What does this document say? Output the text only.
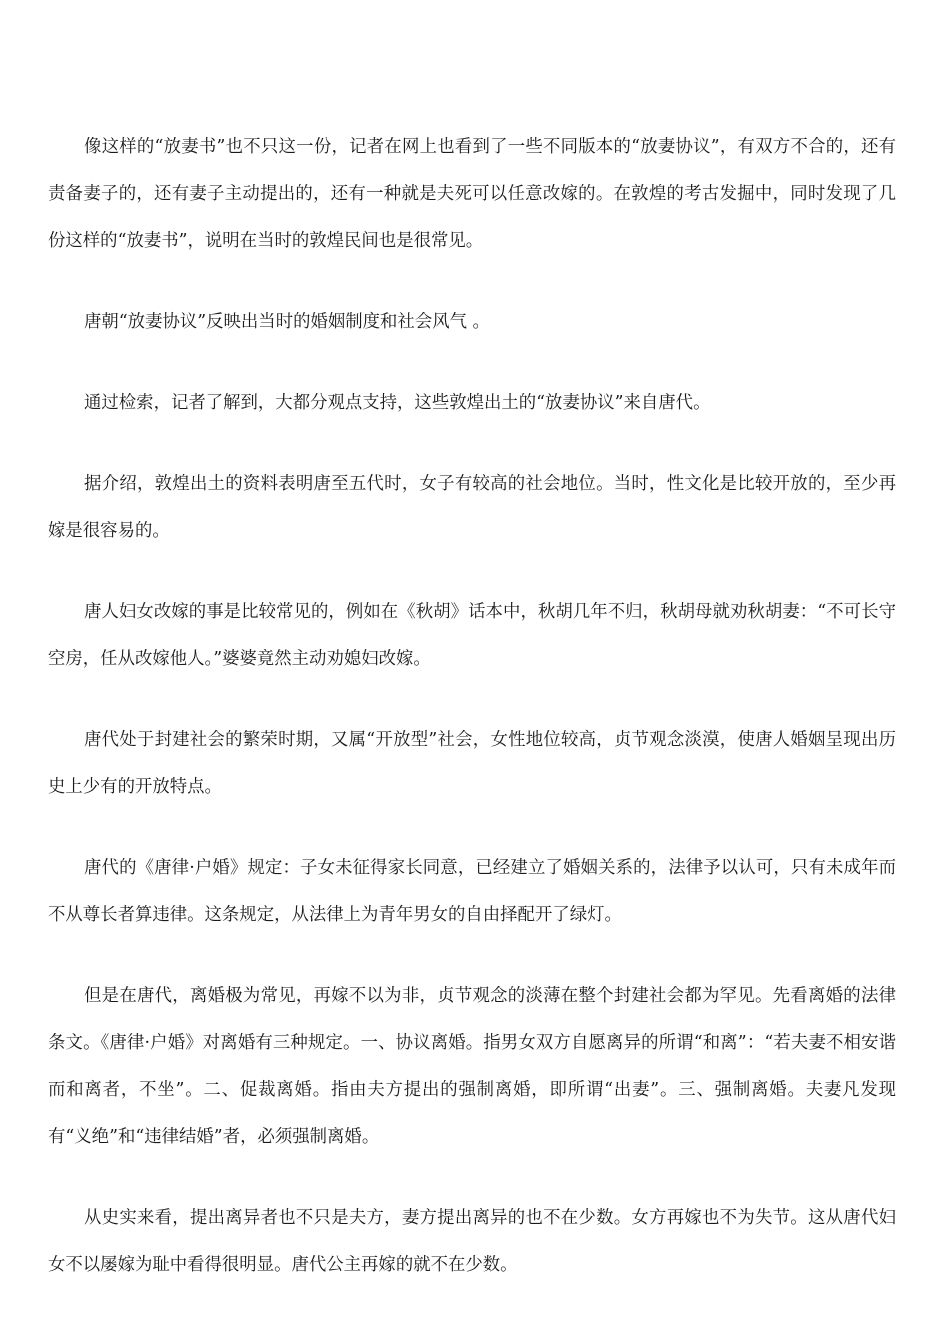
像这样的“放妻书”也不只这一份，记者在网上也看到了一些不同版本的“放妻协议”，有双方不合的，还有责备妻子的，还有妻子主动提出的，还有一种就是夫死可以任意改嫁的。在敦煌的考古发掘中，同时发现了几份这样的“放妻书”，说明在当时的敦煌民间也是很常见。

唐朝“放妻协议”反映出当时的婚姻制度和社会风气 。

通过检索，记者了解到，大都分观点支持，这些敦煌出土的“放妻协议”来自唐代。

据介绍，敦煌出土的资料表明唐至五代时，女子有较高的社会地位。当时，性文化是比较开放的，至少再嫁是很容易的。

唐人妇女改嫁的事是比较常见的，例如在《秋胡》话本中，秋胡几年不归，秋胡母就劝秋胡妻：“不可长守空房，任从改嫁他人。”婆婆竟然主动劝媳妇改嫁。

唐代处于封建社会的繁荣时期，又属“开放型”社会，女性地位较高，贞节观念淡漠，使唐人婚姻呈现出历史上少有的开放特点。

唐代的《唐律·户婚》规定：子女未征得家长同意，已经建立了婚姻关系的，法律予以认可，只有未成年而不从尊长者算违律。这条规定，从法律上为青年男女的自由择配开了绿灯。

但是在唐代，离婚极为常见，再嫁不以为非，贞节观念的淡薄在整个封建社会都为罕见。先看离婚的法律条文。《唐律·户婚》对离婚有三种规定。一、协议离婚。指男女双方自愿离异的所谓“和离”：“若夫妻不相安谐而和离者，不坐”。二、促裁离婚。指由夫方提出的强制离婚，即所谓“出妻”。三、强制离婚。夫妻凡发现有“义绝”和“违律结婚”者，必须强制离婚。

从史实来看，提出离异者也不只是夫方，妻方提出离异的也不在少数。女方再嫁也不为失节。这从唐代妇女不以屡嫁为耻中看得很明显。唐代公主再嫁的就不在少数。
